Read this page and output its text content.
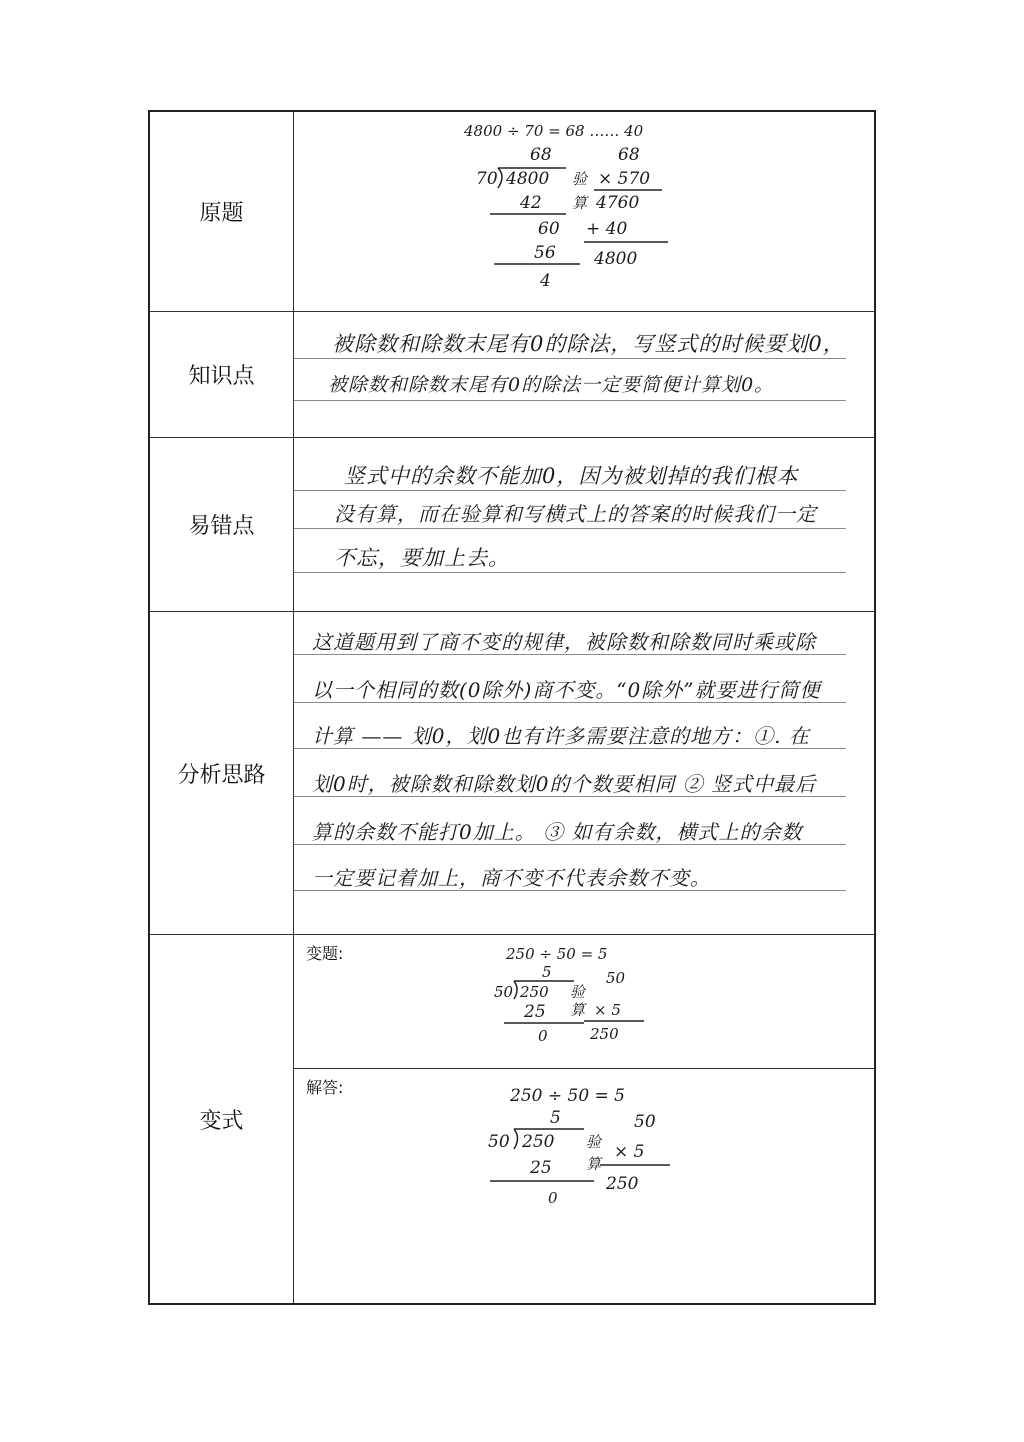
原题
4800 ÷ 70 = 68 …… 40
68
70 4800
42
60
56
4
验
算
68
× 570
4760
+ 40
4800
知识点
被除数和除数末尾有0的除法，写竖式的时候要划0，
被除数和除数末尾有0的除法一定要简便计算划0。
易错点
竖式中的余数不能加0，因为被划掉的我们根本
没有算，而在验算和写横式上的答案的时候我们一定
不忘，要加上去。
分析思路
这道题用到了商不变的规律，被除数和除数同时乘或除
以一个相同的数(0除外)商不变。“0除外”就要进行简便
计算 —— 划0，划0也有许多需要注意的地方：①. 在
划0时，被除数和除数划0的个数要相同 ② 竖式中最后
算的余数不能打0加上。 ③ 如有余数，横式上的余数
一定要记着加上，商不变不代表余数不变。
变式
变题:	250 ÷ 50 = 5
5
50 250
25
0
验
算
50
× 5
250
解答:	250 ÷ 50 = 5
5
50 250
25
0
验
算
50
× 5
250
